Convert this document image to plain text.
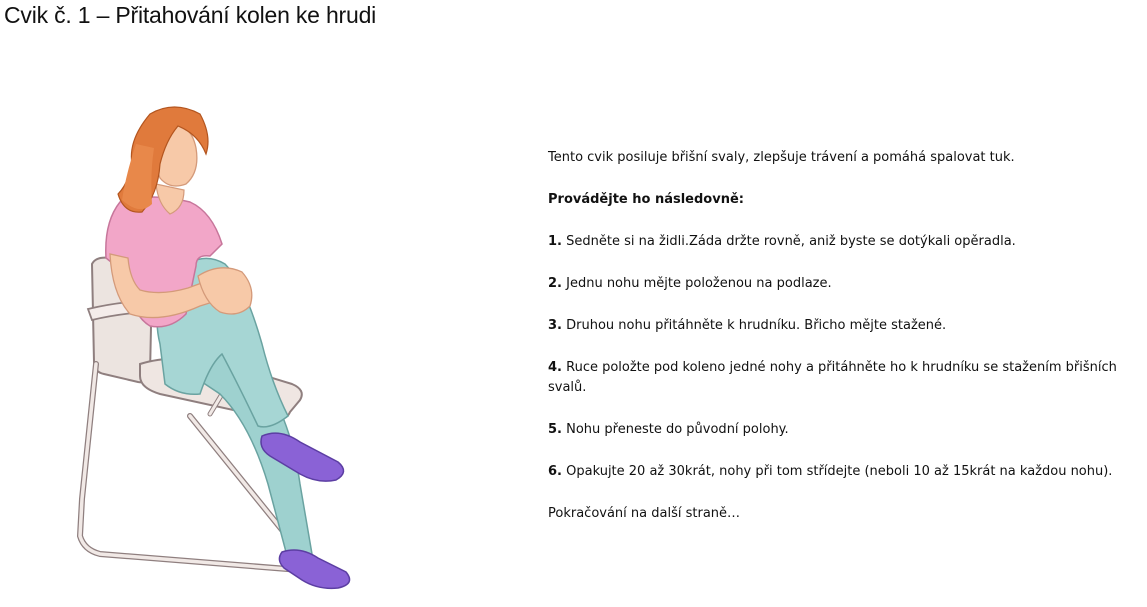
Cvik č. 1 – Přitahování kolen ke hrudi

Tento cvik posiluje břišní svaly, zlepšuje trávení a pomáhá spalovat tuk.

Provádějte ho následovně:

1. Sedněte si na židli.Záda držte rovně, aniž byste se dotýkali opěradla.

2. Jednu nohu mějte položenou na podlaze.

3. Druhou nohu přitáhněte k hrudníku. Břicho mějte stažené.

4. Ruce položte pod koleno jedné nohy a přitáhněte ho k hrudníku se stažením břišních svalů.

5. Nohu přeneste do původní polohy.

6. Opakujte 20 až 30krát, nohy při tom střídejte (neboli 10 až 15krát na každou nohu).

Pokračování na další straně…
